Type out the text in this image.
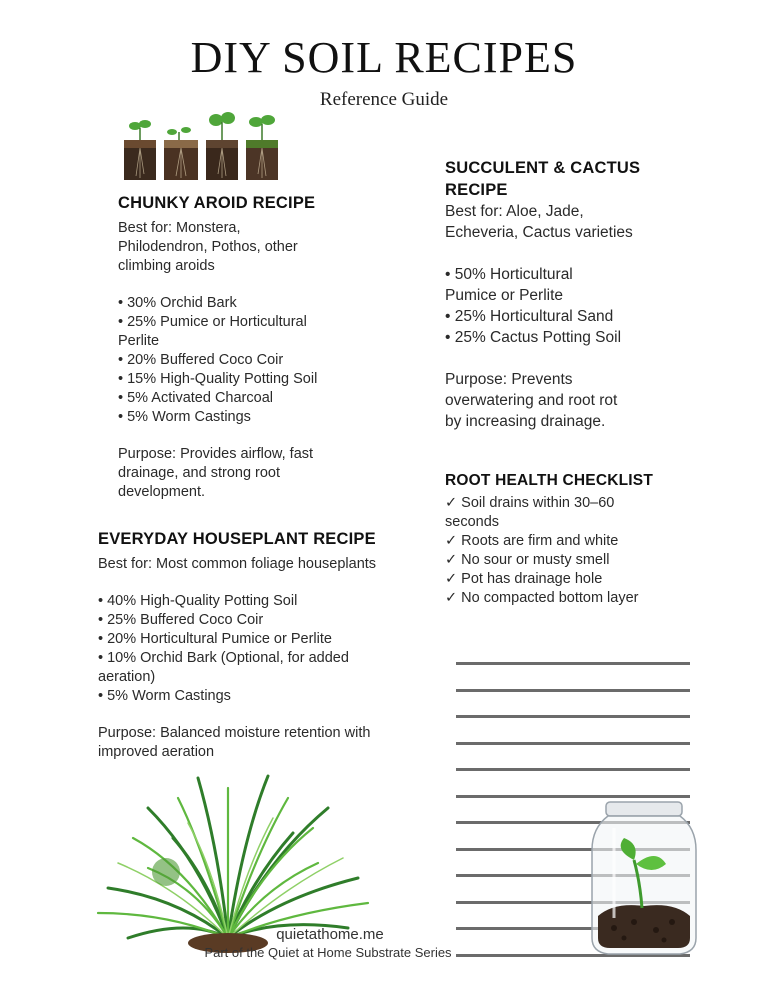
DIY SOIL RECIPES
Reference Guide
CHUNKY AROID RECIPE
Best for: Monstera,
Philodendron, Pothos, other
climbing aroids
• 30% Orchid Bark
• 25% Pumice or Horticultural
Perlite
• 20% Buffered Coco Coir
• 15% High-Quality Potting Soil
• 5% Activated Charcoal
• 5% Worm Castings
Purpose: Provides airflow, fast
drainage, and strong root
development.
EVERYDAY HOUSEPLANT RECIPE
Best for: Most common foliage houseplants
• 40% High-Quality Potting Soil
• 25% Buffered Coco Coir
• 20% Horticultural Pumice or Perlite
• 10% Orchid Bark (Optional, for added
aeration)
• 5% Worm Castings
Purpose: Balanced moisture retention with
improved aeration
SUCCULENT & CACTUS
RECIPE
Best for: Aloe, Jade,
Echeveria, Cactus varieties
• 50% Horticultural
Pumice or Perlite
• 25% Horticultural Sand
• 25% Cactus Potting Soil
Purpose: Prevents
overwatering and root rot
by increasing drainage.
ROOT HEALTH CHECKLIST
✓ Soil drains within 30–60
seconds
✓ Roots are firm and white
✓ No sour or musty smell
✓ Pot has drainage hole
✓ No compacted bottom layer
quietathome.me
Part of the Quiet at Home Substrate Series
